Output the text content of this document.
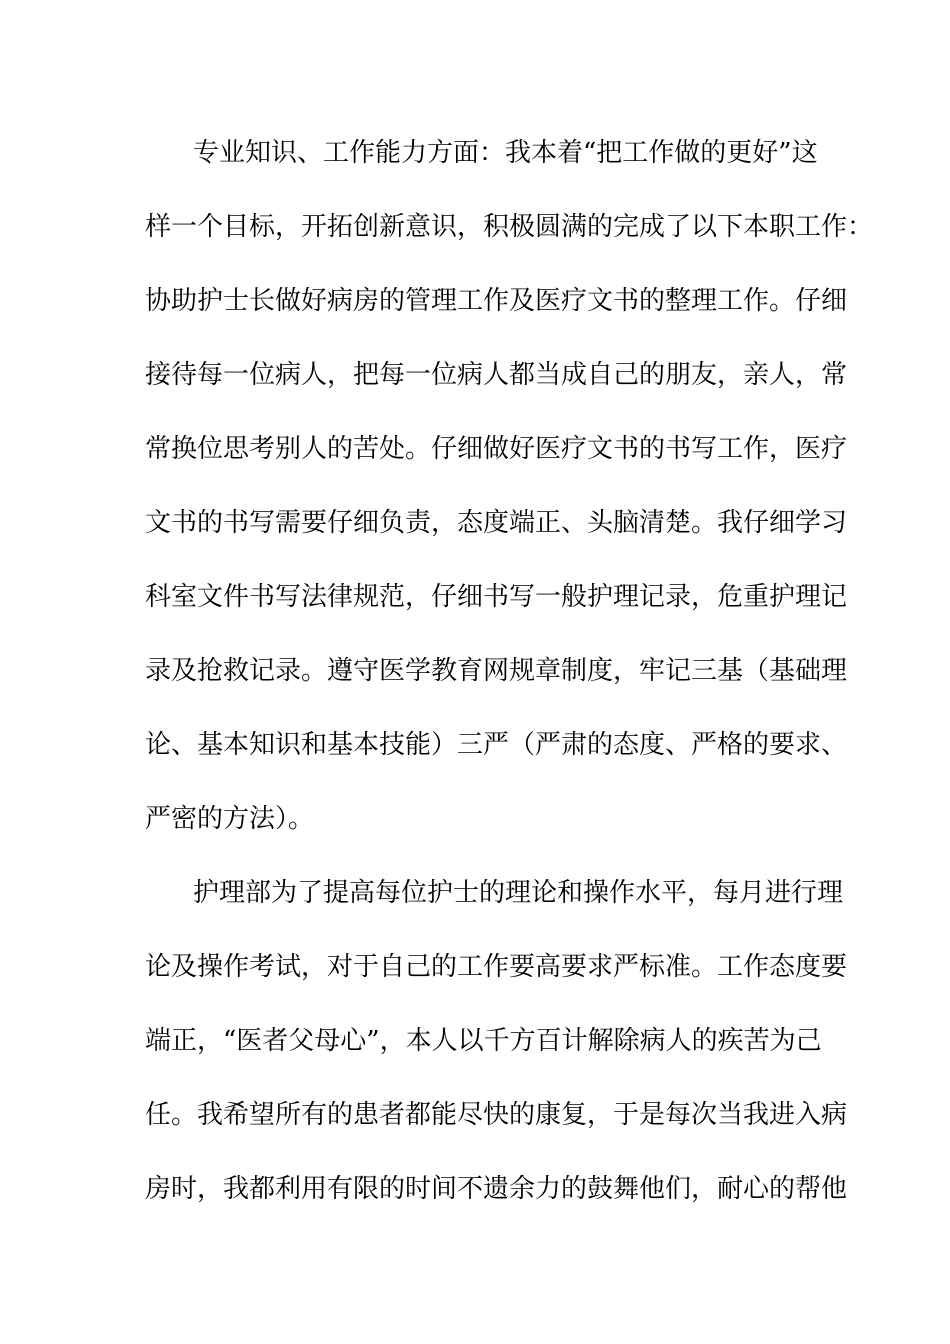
专业知识、工作能力方面：我本着“把工作做的更好”这
样一个目标，开拓创新意识，积极圆满的完成了以下本职工作：
协助护士长做好病房的管理工作及医疗文书的整理工作。仔细
接待每一位病人，把每一位病人都当成自己的朋友，亲人，常
常换位思考别人的苦处。仔细做好医疗文书的书写工作，医疗
文书的书写需要仔细负责，态度端正、头脑清楚。我仔细学习
科室文件书写法律规范，仔细书写一般护理记录，危重护理记
录及抢救记录。遵守医学教育网规章制度，牢记三基（基础理
论、基本知识和基本技能）三严（严肃的态度、严格的要求、
严密的方法）。
护理部为了提高每位护士的理论和操作水平，每月进行理
论及操作考试，对于自己的工作要高要求严标准。工作态度要
端正，“医者父母心”，本人以千方百计解除病人的疾苦为己
任。我希望所有的患者都能尽快的康复，于是每次当我进入病
房时，我都利用有限的时间不遗余力的鼓舞他们，耐心的帮他
